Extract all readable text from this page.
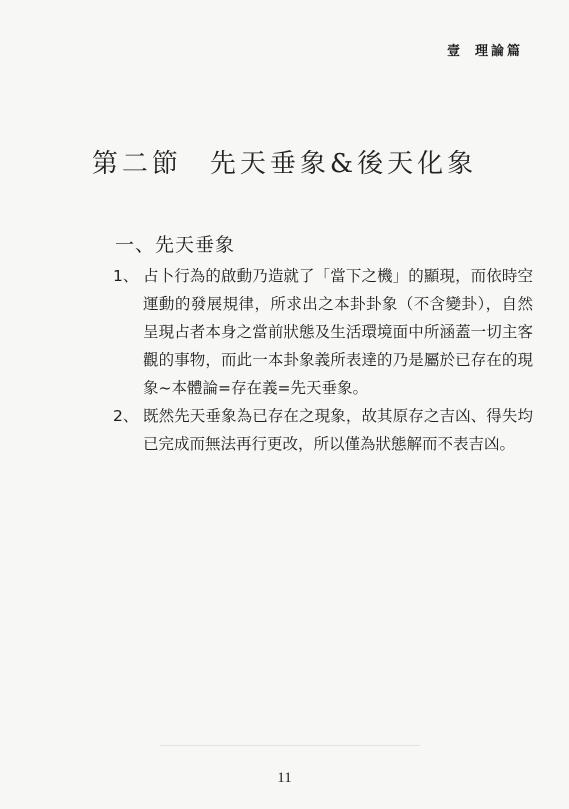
壹 理論篇
第二節 先天垂象&後天化象
一、先天垂象
1、 占卜行為的啟動乃造就了「當下之機」的顯現，而依時空運動的發展規律，所求出之本卦卦象（不含變卦），自然呈現占者本身之當前狀態及生活環境面中所涵蓋一切主客觀的事物，而此一本卦象義所表達的乃是屬於已存在的現象~本體論=存在義=先天垂象。
2、 既然先天垂象為已存在之現象，故其原存之吉凶、得失均已完成而無法再行更改，所以僅為狀態解而不表吉凶。
11
